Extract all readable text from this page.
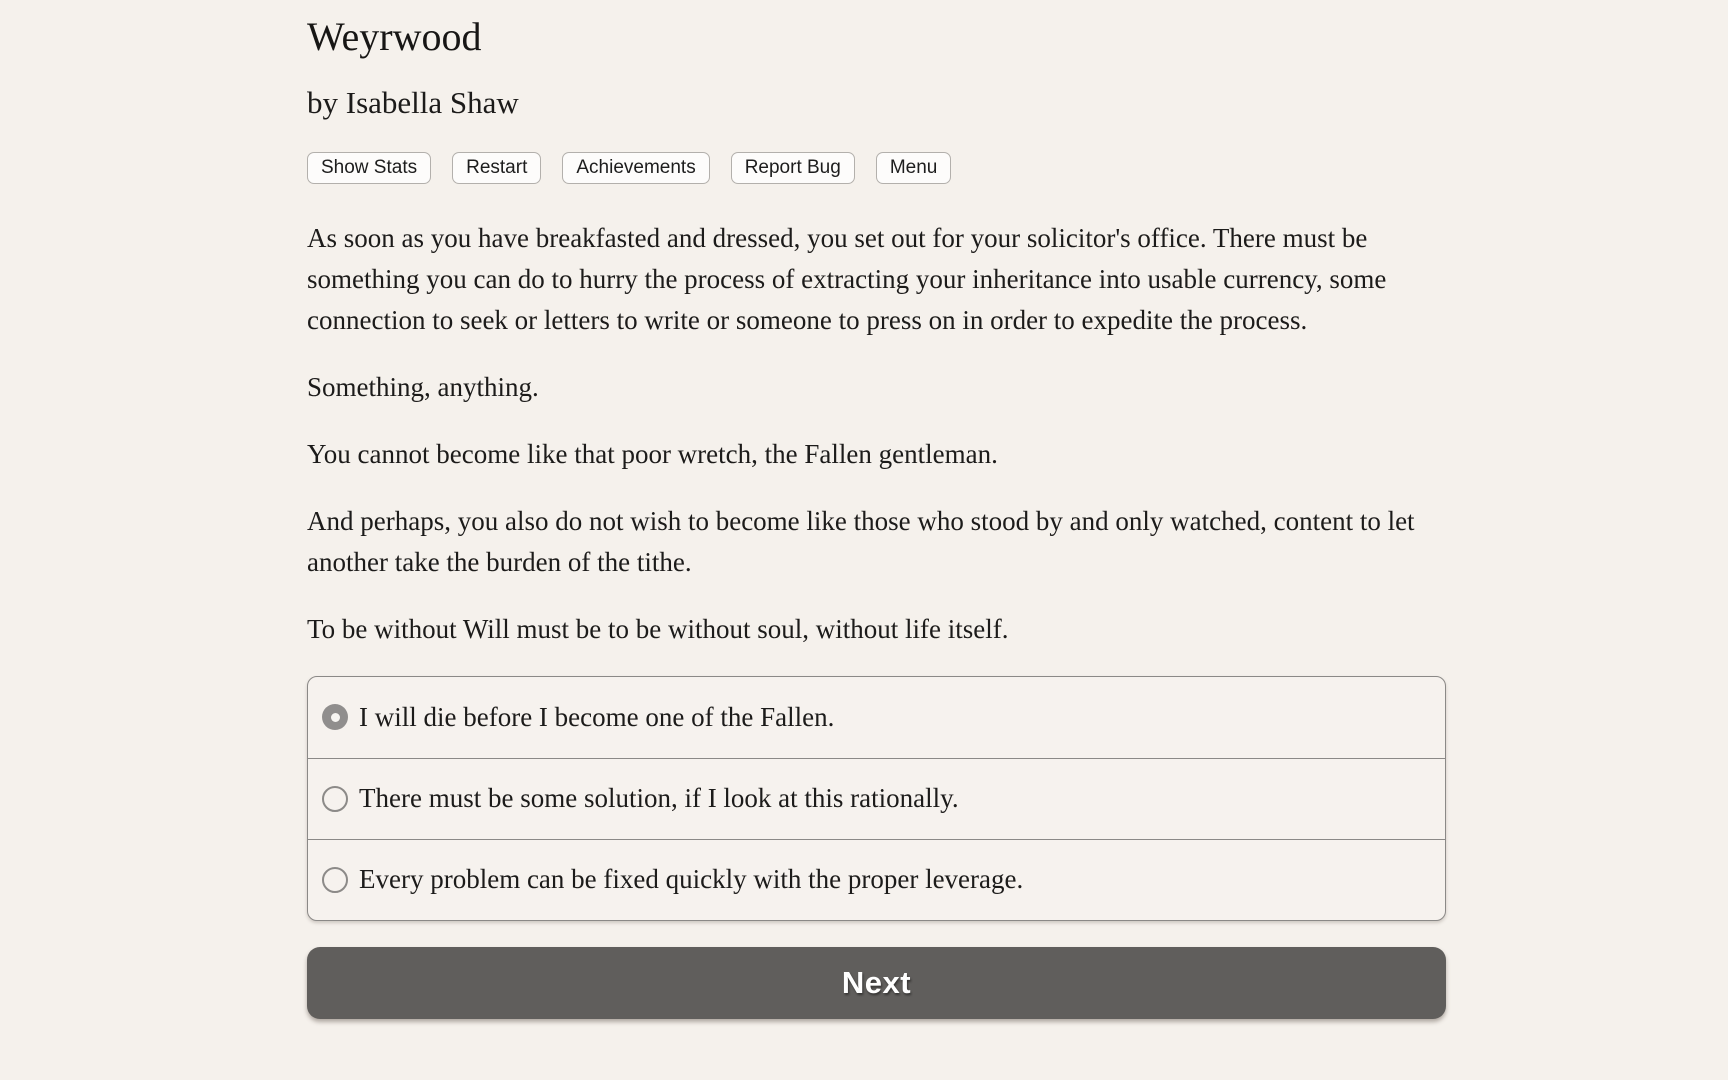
Weyrwood
by Isabella Shaw
Show Stats	Restart	Achievements	Report Bug	Menu

As soon as you have breakfasted and dressed, you set out for your solicitor's office. There must be something you can do to hurry the process of extracting your inheritance into usable currency, some connection to seek or letters to write or someone to press on in order to expedite the process.

Something, anything.

You cannot become like that poor wretch, the Fallen gentleman.

And perhaps, you also do not wish to become like those who stood by and only watched, content to let another take the burden of the tithe.

To be without Will must be to be without soul, without life itself.

I will die before I become one of the Fallen.
There must be some solution, if I look at this rationally.
Every problem can be fixed quickly with the proper leverage.
Next
